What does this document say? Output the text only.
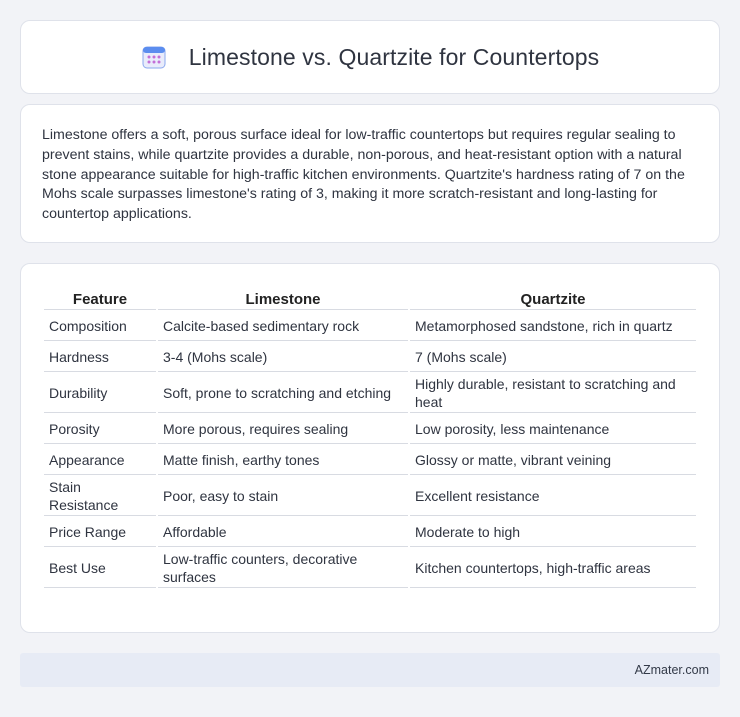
Limestone vs. Quartzite for Countertops

Limestone offers a soft, porous surface ideal for low-traffic countertops but requires regular sealing to prevent stains, while quartzite provides a durable, non-porous, and heat-resistant option with a natural stone appearance suitable for high-traffic kitchen environments. Quartzite's hardness rating of 7 on the Mohs scale surpasses limestone's rating of 3, making it more scratch-resistant and long-lasting for countertop applications.

Feature	Limestone	Quartzite
Composition	Calcite-based sedimentary rock	Metamorphosed sandstone, rich in quartz
Hardness	3-4 (Mohs scale)	7 (Mohs scale)
Durability	Soft, prone to scratching and etching	Highly durable, resistant to scratching and heat
Porosity	More porous, requires sealing	Low porosity, less maintenance
Appearance	Matte finish, earthy tones	Glossy or matte, vibrant veining
Stain Resistance	Poor, easy to stain	Excellent resistance
Price Range	Affordable	Moderate to high
Best Use	Low-traffic counters, decorative surfaces	Kitchen countertops, high-traffic areas
AZmater.com
